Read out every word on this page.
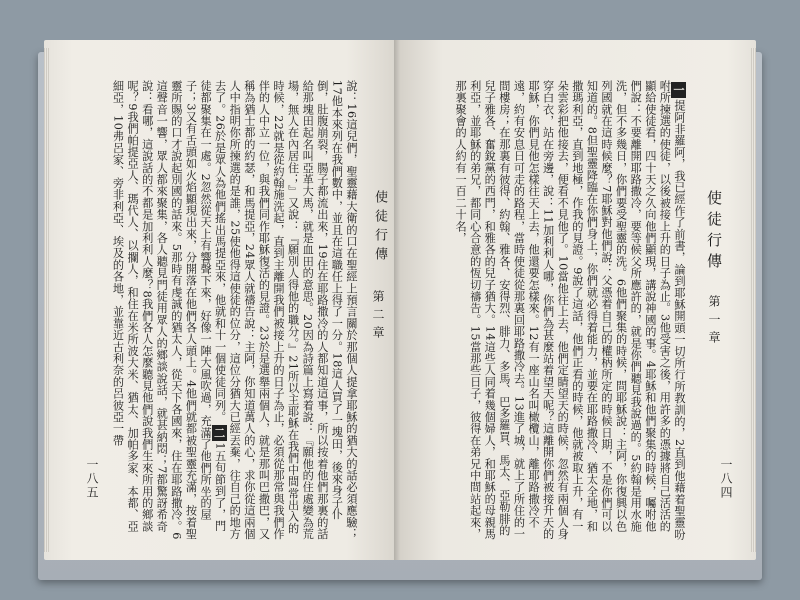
使徒行傳
第二章
一八五	說：16這兒們，聖靈藉大衛的口在聖經上預言關於那個人提拿耶穌的猶大的話必須應驗；17他本來列在我們數中，並且在這職任上得了一分。18這人買了一塊田，後來身子仆倒，肚腹崩裂，腸子都流出來，19住在耶路撒冷的人都知道這事，所以按着他們那裏的話給那塊田起名叫亞革大馬，就是血田的意思。20因為詩篇上寫着說：『願他的住處變為荒場，無人在內居住；』又說：『願別人得他的職分。』21所以主耶穌在我們中間常出入的時候，22就是從約翰施洗起，直到主離開我們被接上升的日子為止，必須從那常與我們作伴的人中立一位，與我們同作耶穌復活的見證。23於是選舉兩個人，就是那叫巴撒巴，又稱為猶士都的約瑟，和馬提亞，24眾人就禱告說：主阿，你知道萬人的心，求你從這兩個人中指明你所揀選的是誰，25使他得這使徒的位分，這位分猶大已經丟棄，往自己的地方去了。26於是眾人為他們搖出馬提亞來，他就和十一個使徒同列。二1五旬節到了，門徒都聚集在一處。2忽然從天上有響聲下來，好像一陣大風吹過，充滿了他們所坐的屋子；3又有舌頭如火焰顯現出來，分開落在他們各人頭上。4他們就都被聖靈充滿，按着聖靈所賜的口才說起別國的話來。5那時有虔誠的猶太人，從天下各國來，住在耶路撒冷。6這聲音一響，眾人都來聚集，各人聽見門徒用眾人的鄉談說話，就甚納悶；7都驚訝希奇說：看哪，這說話的不都是加利利人麼？8我們各人怎麼聽見他們說我們生來所用的鄉談呢？9我們帕提亞人、瑪代人、以攔人，和住在米所波大米、猶太、加帕多家、本都、亞細亞，10弗呂家、旁非利亞、埃及的各地，並靠近古利奈的呂彼亞一帶	使徒行傳
第一章
一八四

一提阿非羅阿，我已經作了前書，論到耶穌開頭一切所行所教訓的，2直到他藉着聖靈吩咐所揀選的使徒，以後被接上升的日子為止。3他受害之後，用許多的憑據將自己活活的顯給使徒看，四十天之久向他們顯現，講說神國的事。4耶穌和他們聚集的時候，囑咐他們說：不要離開耶路撒冷，要等候父所應許的，就是你們聽見我說過的。5約翰是用水施洗，但不多幾日，你們要受聖靈的洗。6他們聚集的時候，問耶穌說：主阿，你復興以色列國就在這時候麼？7耶穌對他們說：父憑着自己的權柄所定的時候日期，不是你們可以知道的。8但聖靈降臨在你們身上，你們就必得着能力，並要在耶路撒冷、猶太全地，和撒瑪利亞，直到地極，作我的見證。9說了這話，他們正看的時候，他就被取上升，有一朵雲彩把他接去，便看不見他了。10當他往上去，他們定睛望天的時候，忽然有兩個人身穿白衣，站在旁邊，說：11加利利人哪，你們為甚麼站着望天呢？這離開你們被接升天的耶穌，你們見他怎樣往天上去，他還要怎樣來。12有一座山名叫橄欖山，離耶路撒冷不遠，約有安息日可走的路程，當時使徒從那裏回耶路撒冷去。13進了城，就上了所住的一間樓房；在那裏有彼得、約翰、雅各、安得烈、腓力、多馬、巴多羅買、馬太、亞勒腓的兒子雅各、奮銳黨的西門，和雅各的兒子猶大。14這些人同着幾個婦人，和耶穌的母親馬利亞，並耶穌的弟兄，都同心合意的恆切禱告。15當那些日子，彼得在弟兄中間站起來，那裏聚會的人約有一百二十名，
